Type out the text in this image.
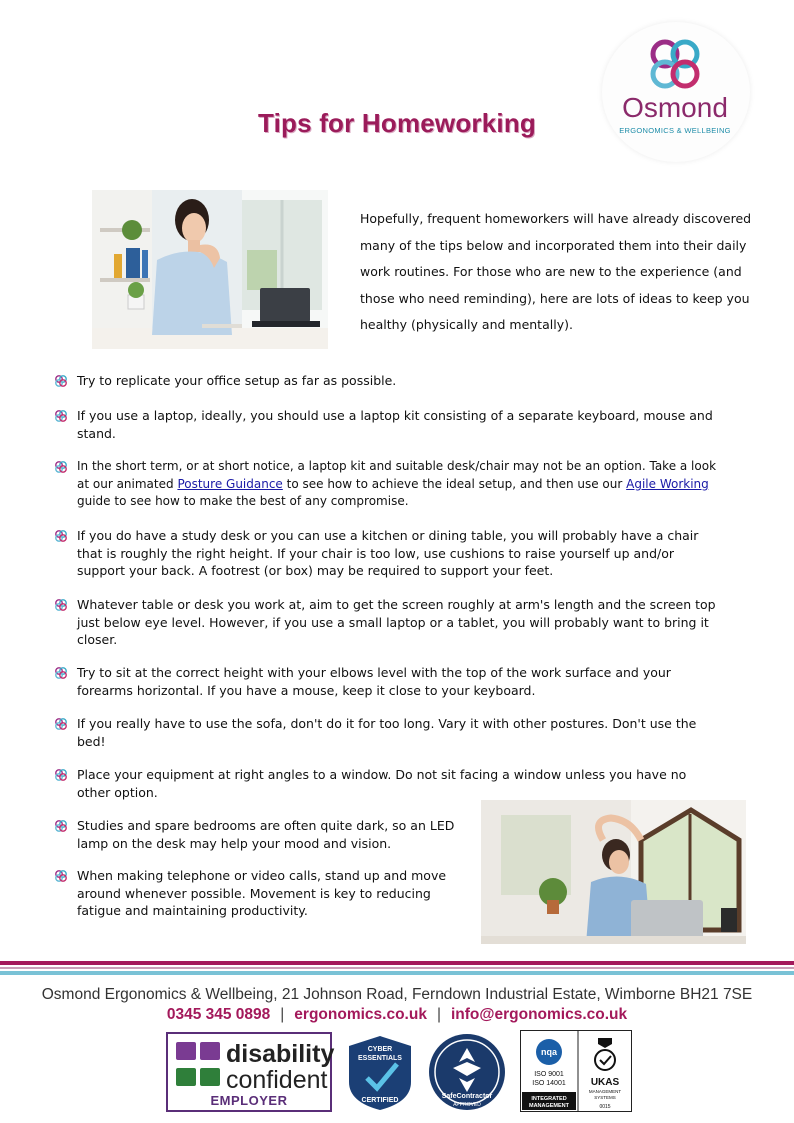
Tips for Homeworking	Osmond
ERGONOMICS & WELLBEING
Hopefully, frequent homeworkers will have already discovered many of the tips below and incorporated them into their daily work routines. For those who are new to the experience (and those who need reminding), here are lots of ideas to keep you healthy (physically and mentally).
Try to replicate your office setup as far as possible.
If you use a laptop, ideally, you should use a laptop kit consisting of a separate keyboard, mouse and stand.
In the short term, or at short notice, a laptop kit and suitable desk/chair may not be an option. Take a look at our animated Posture Guidance to see how to achieve the ideal setup, and then use our Agile Working guide to see how to make the best of any compromise.
If you do have a study desk or you can use a kitchen or dining table, you will probably have a chair that is roughly the right height. If your chair is too low, use cushions to raise yourself up and/or support your back. A footrest (or box) may be required to support your feet.
Whatever table or desk you work at, aim to get the screen roughly at arm's length and the screen top just below eye level. However, if you use a small laptop or a tablet, you will probably want to bring it closer.
Try to sit at the correct height with your elbows level with the top of the work surface and your forearms horizontal. If you have a mouse, keep it close to your keyboard.
If you really have to use the sofa, don't do it for too long. Vary it with other postures. Don't use the bed!
Place your equipment at right angles to a window. Do not sit facing a window unless you have no other option.
Studies and spare bedrooms are often quite dark, so an LED lamp on the desk may help your mood and vision.
When making telephone or video calls, stand up and move around whenever possible. Movement is key to reducing fatigue and maintaining productivity.
Osmond Ergonomics & Wellbeing, 21 Johnson Road, Ferndown Industrial Estate, Wimborne BH21 7SE
0345 345 0898 | ergonomics.co.uk | info@ergonomics.co.uk
disability
confident
EMPLOYER
CYBER
ESSENTIALS
CERTIFIED
SafeContractor
APPROVED
nqa
ISO 9001
ISO 14001
INTEGRATED
MANAGEMENT
UKAS
MANAGEMENT
SYSTEMS
0015
